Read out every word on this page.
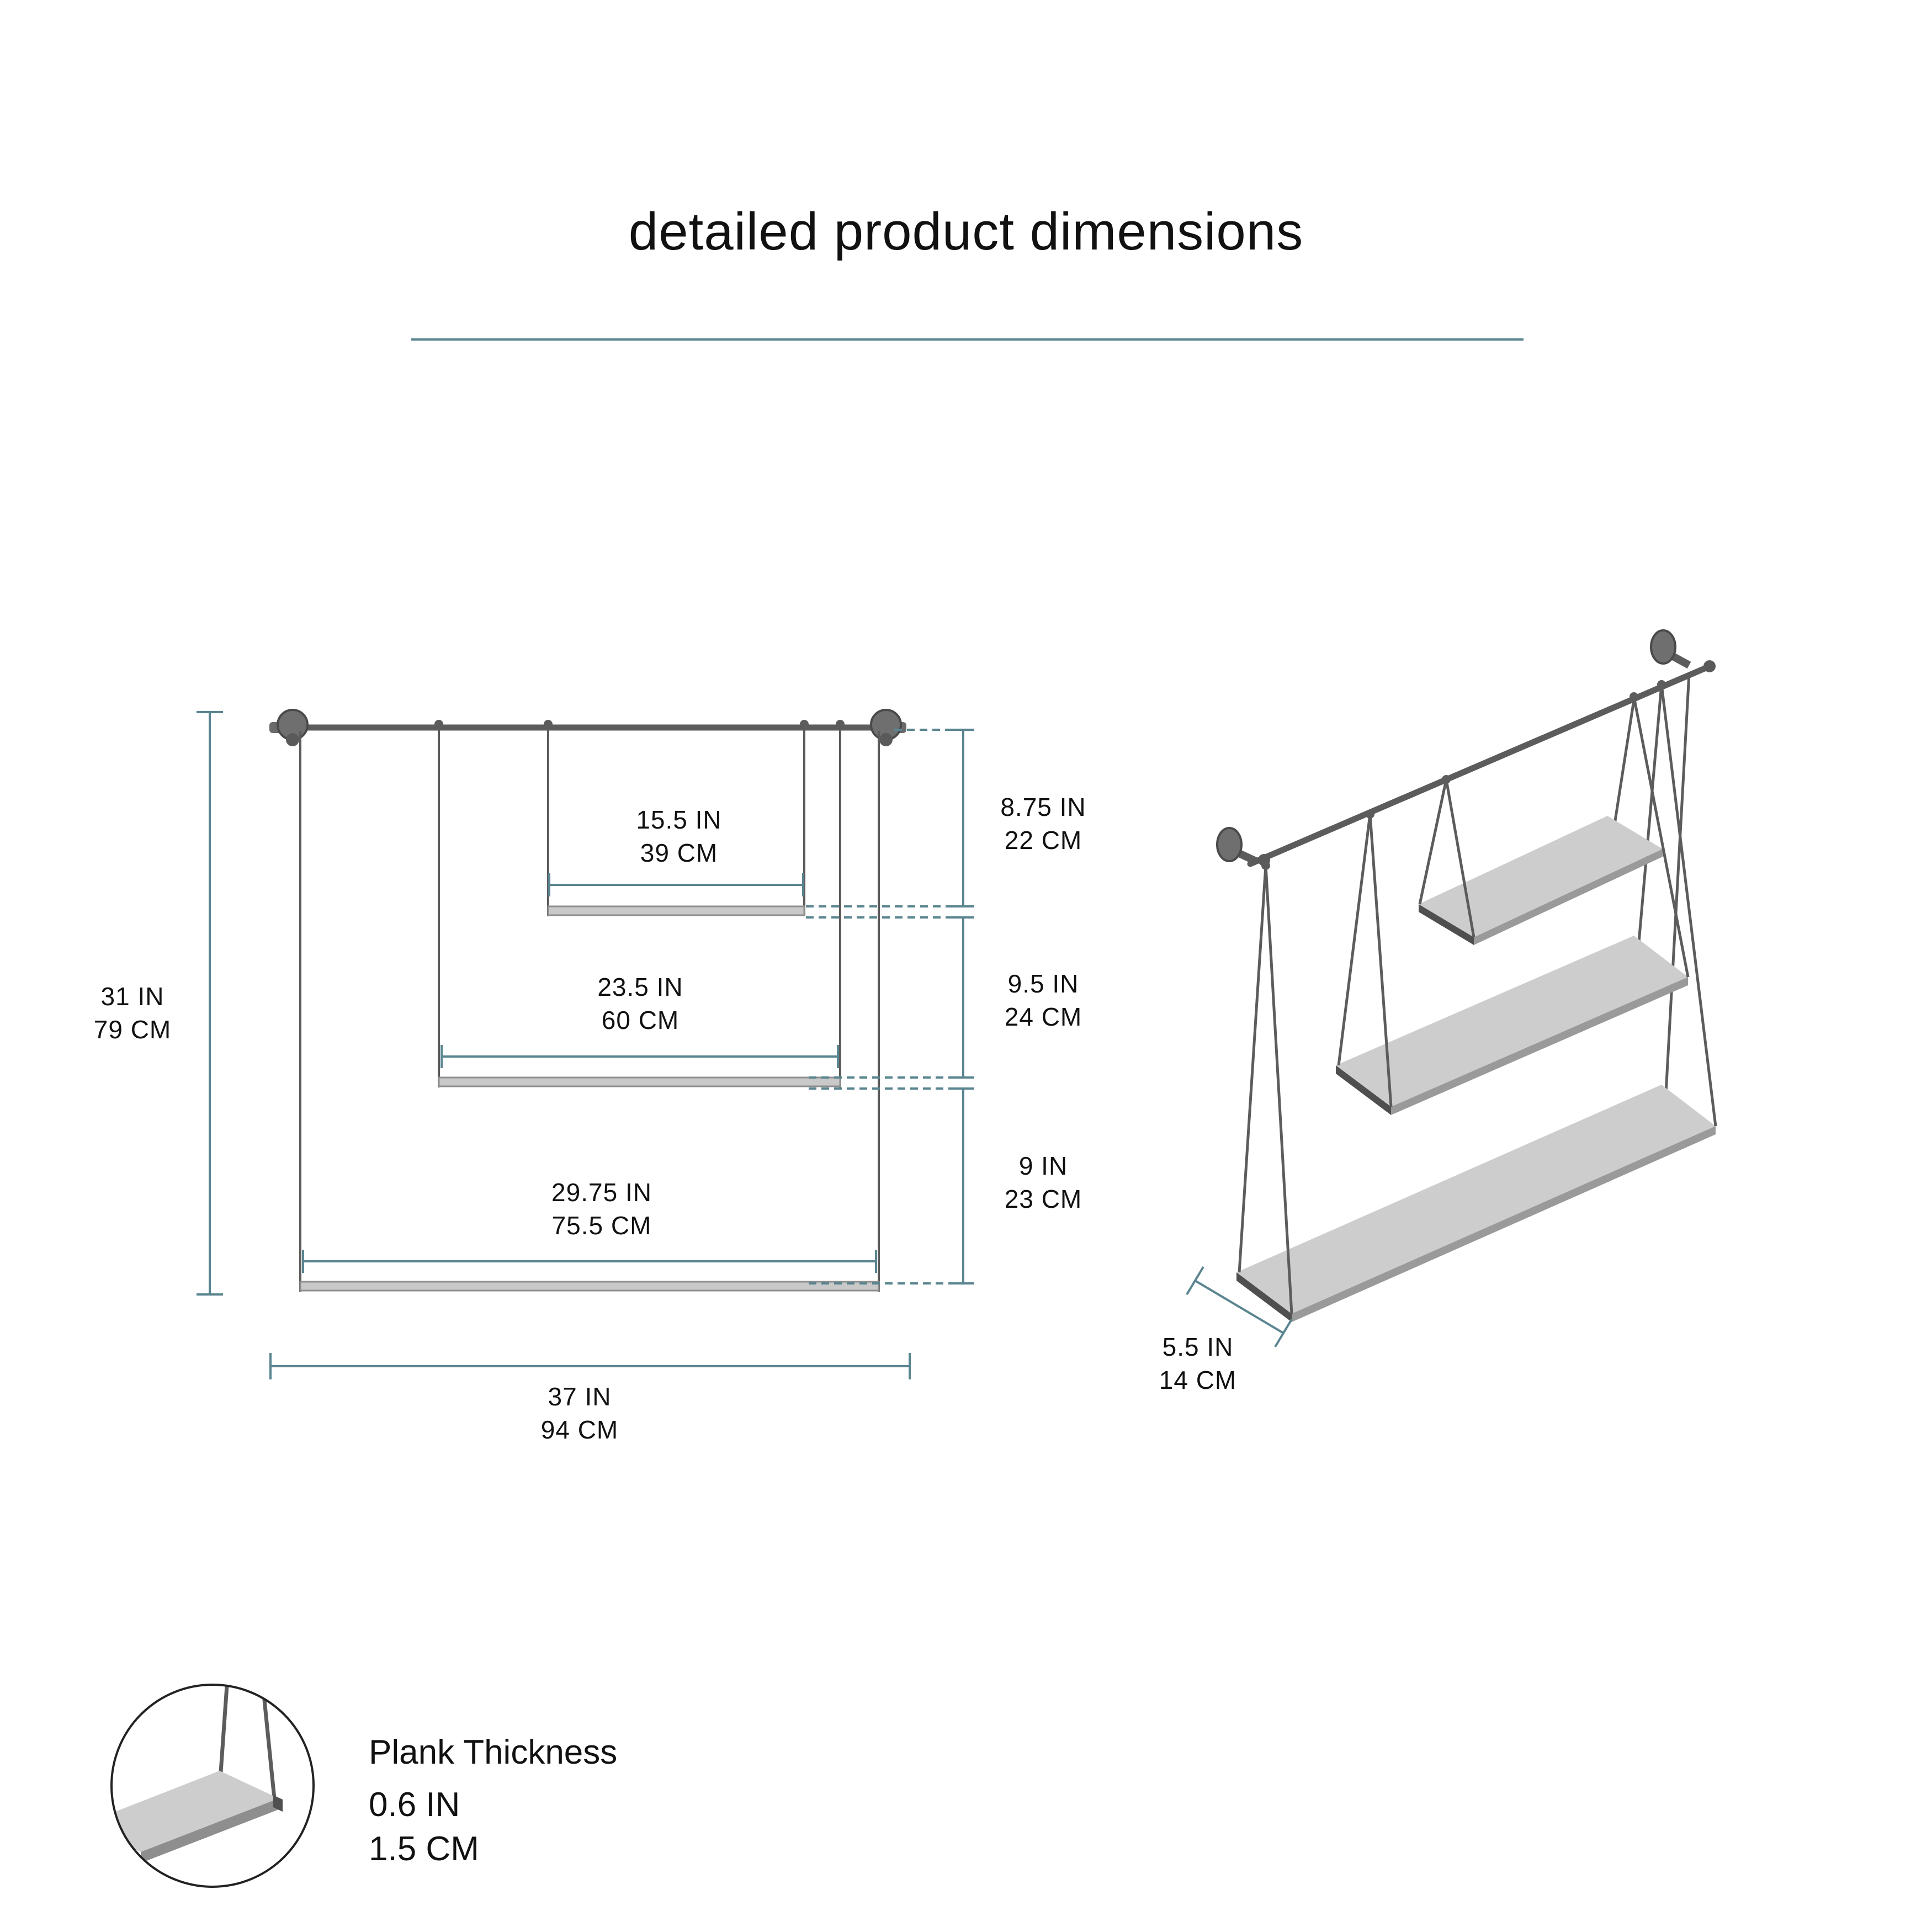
detailed product dimensions
15.5 IN
39 CM
23.5 IN
60 CM
29.75 IN
75.5 CM
31 IN
79 CM
37 IN
94 CM
8.75 IN
22 CM
9.5 IN
24 CM
9 IN
23 CM
5.5 IN
14 CM
Plank Thickness
0.6 IN
1.5 CM
